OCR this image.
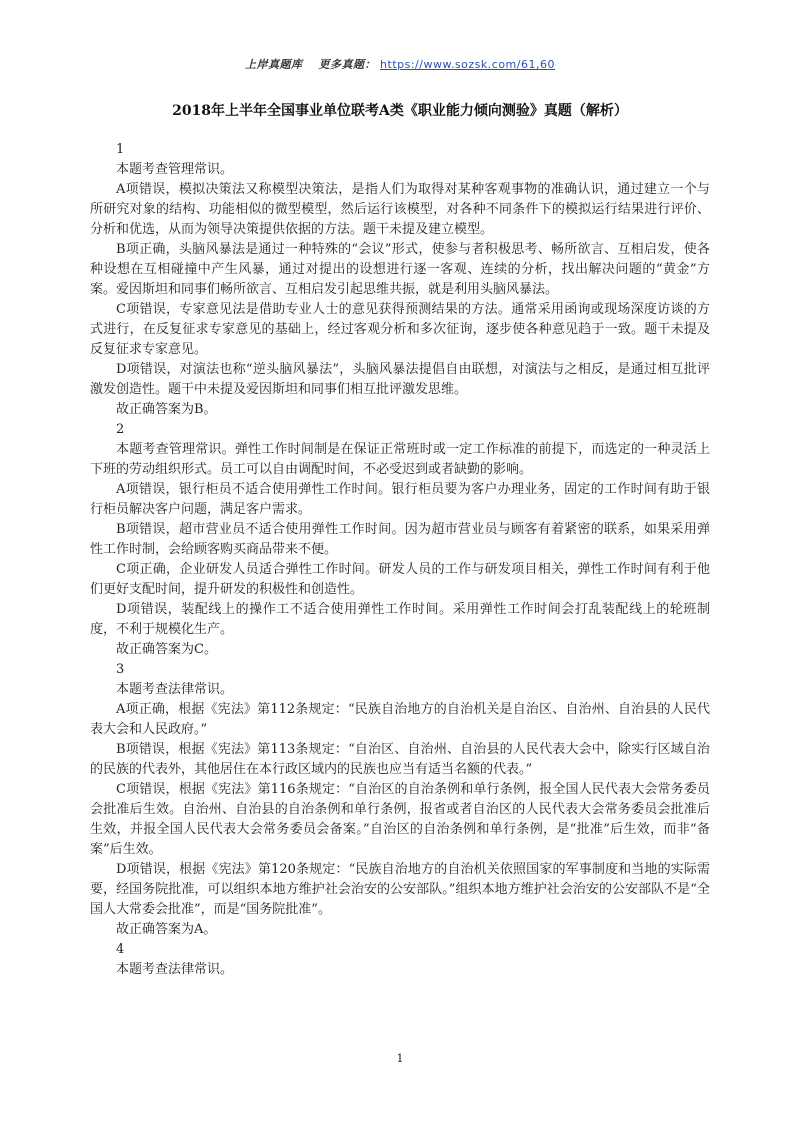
上岸真题库 更多真题： https://www.sozsk.com/61,60
2018年上半年全国事业单位联考A类《职业能力倾向测验》真题（解析）

1

本题考查管理常识。

A项错误，模拟决策法又称模型决策法，是指人们为取得对某种客观事物的准确认识，通过建立一个与所研究对象的结构、功能相似的微型模型，然后运行该模型，对各种不同条件下的模拟运行结果进行评价、分析和优选，从而为领导决策提供依据的方法。题干未提及建立模型。

B项正确，头脑风暴法是通过一种特殊的“会议”形式，使参与者积极思考、畅所欲言、互相启发，使各种设想在互相碰撞中产生风暴，通过对提出的设想进行逐一客观、连续的分析，找出解决问题的“黄金”方案。爱因斯坦和同事们畅所欲言、互相启发引起思维共振，就是利用头脑风暴法。

C项错误，专家意见法是借助专业人士的意见获得预测结果的方法。通常采用函询或现场深度访谈的方式进行，在反复征求专家意见的基础上，经过客观分析和多次征询，逐步使各种意见趋于一致。题干未提及反复征求专家意见。

D项错误，对演法也称“逆头脑风暴法”，头脑风暴法提倡自由联想，对演法与之相反，是通过相互批评激发创造性。题干中未提及爱因斯坦和同事们相互批评激发思维。

故正确答案为B。

2

本题考查管理常识。弹性工作时间制是在保证正常班时或一定工作标准的前提下，而选定的一种灵活上下班的劳动组织形式。员工可以自由调配时间，不必受迟到或者缺勤的影响。

A项错误，银行柜员不适合使用弹性工作时间。银行柜员要为客户办理业务，固定的工作时间有助于银行柜员解决客户问题，满足客户需求。

B项错误，超市营业员不适合使用弹性工作时间。因为超市营业员与顾客有着紧密的联系，如果采用弹性工作时制，会给顾客购买商品带来不便。

C项正确，企业研发人员适合弹性工作时间。研发人员的工作与研发项目相关，弹性工作时间有利于他们更好支配时间，提升研发的积极性和创造性。

D项错误，装配线上的操作工不适合使用弹性工作时间。采用弹性工作时间会打乱装配线上的轮班制度，不利于规模化生产。

故正确答案为C。

3

本题考查法律常识。

A项正确，根据《宪法》第112条规定：“民族自治地方的自治机关是自治区、自治州、自治县的人民代表大会和人民政府。”

B项错误，根据《宪法》第113条规定：“自治区、自治州、自治县的人民代表大会中，除实行区域自治的民族的代表外，其他居住在本行政区域内的民族也应当有适当名额的代表。”

C项错误，根据《宪法》第116条规定：“自治区的自治条例和单行条例，报全国人民代表大会常务委员会批准后生效。自治州、自治县的自治条例和单行条例，报省或者自治区的人民代表大会常务委员会批准后生效，并报全国人民代表大会常务委员会备案。”自治区的自治条例和单行条例，是“批准”后生效，而非“备案”后生效。

D项错误，根据《宪法》第120条规定：“民族自治地方的自治机关依照国家的军事制度和当地的实际需要，经国务院批准，可以组织本地方维护社会治安的公安部队。”组织本地方维护社会治安的公安部队不是“全国人大常委会批准”，而是“国务院批准”。

故正确答案为A。

4

本题考查法律常识。

1
